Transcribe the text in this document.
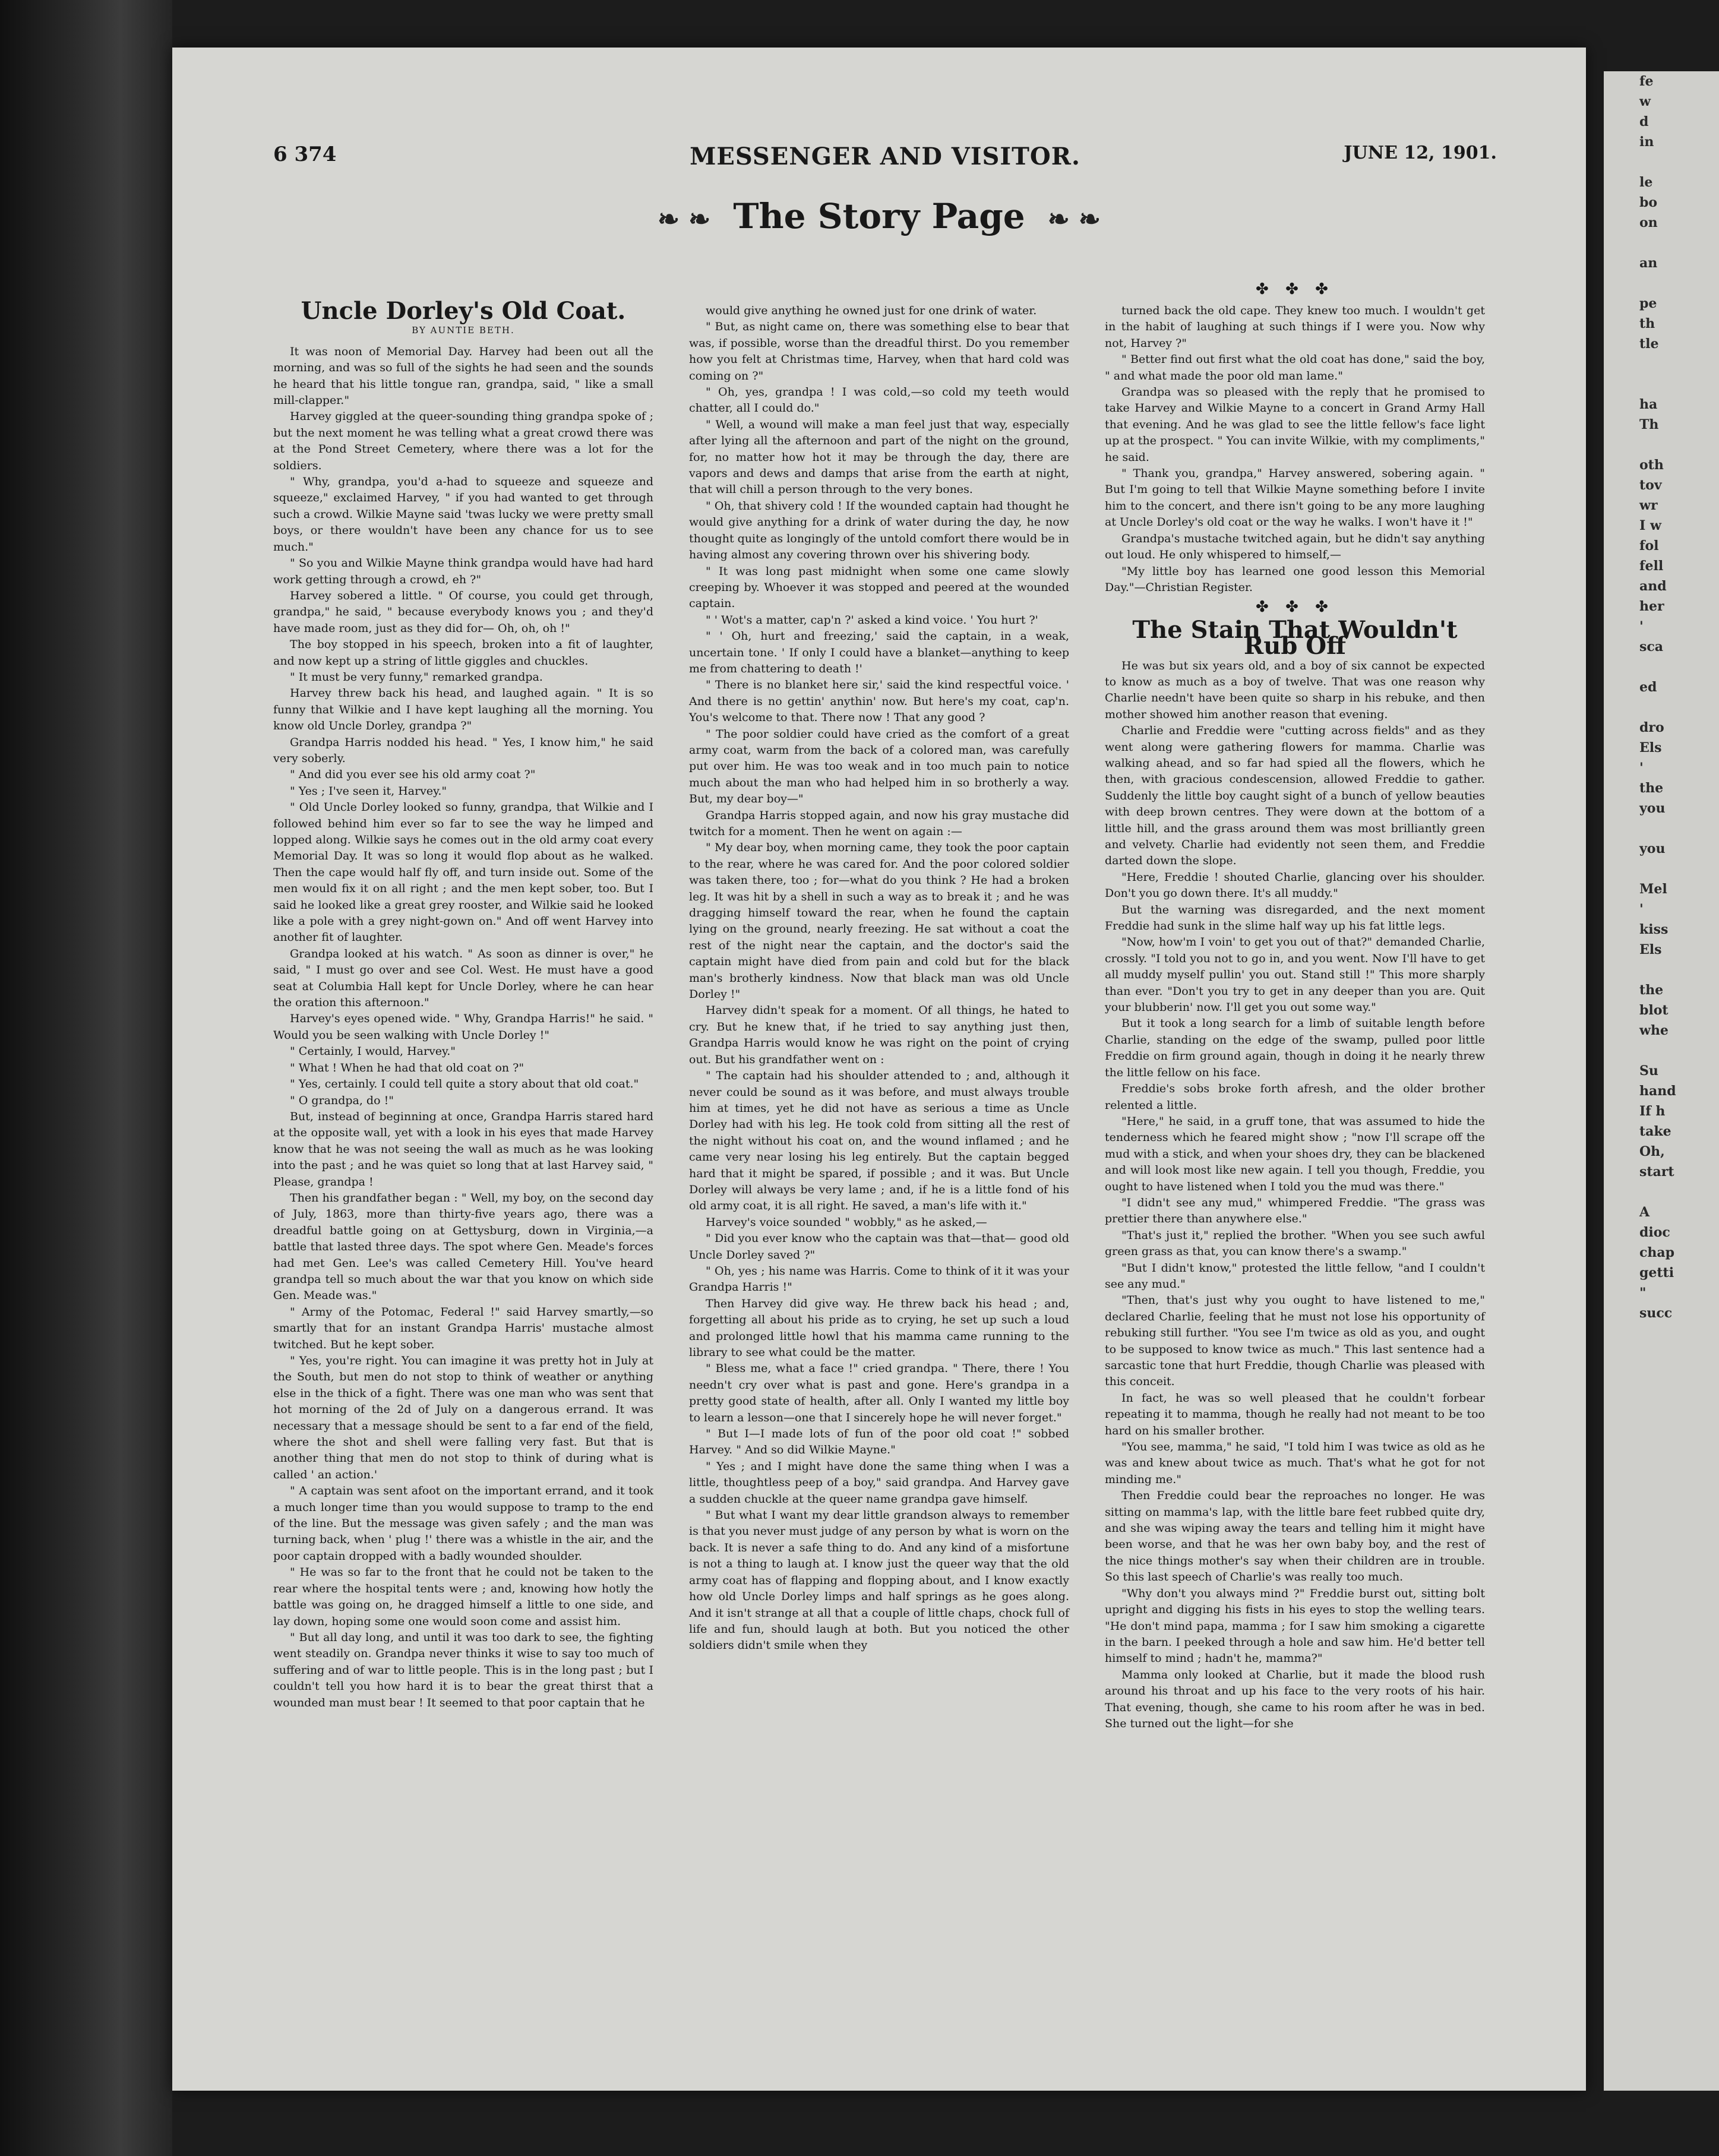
6 374	MESSENGER AND VISITOR.	JUNE 12, 1901.
❧ ❧ The Story Page ❧ ❧
Uncle Dorley's Old Coat.
BY AUNTIE BETH.

It was noon of Memorial Day. Harvey had been out all the morning, and was so full of the sights he had seen and the sounds he heard that his little tongue ran, grandpa, said, " like a small mill-clapper."

Harvey giggled at the queer-sounding thing grandpa spoke of ; but the next moment he was telling what a great crowd there was at the Pond Street Cemetery, where there was a lot for the soldiers.

" Why, grandpa, you'd a-had to squeeze and squeeze and squeeze," exclaimed Harvey, " if you had wanted to get through such a crowd. Wilkie Mayne said 'twas lucky we were pretty small boys, or there wouldn't have been any chance for us to see much."

" So you and Wilkie Mayne think grandpa would have had hard work getting through a crowd, eh ?"

Harvey sobered a little. " Of course, you could get through, grandpa," he said, " because everybody knows you ; and they'd have made room, just as they did for— Oh, oh, oh !"

The boy stopped in his speech, broken into a fit of laughter, and now kept up a string of little giggles and chuckles.

" It must be very funny," remarked grandpa.

Harvey threw back his head, and laughed again. " It is so funny that Wilkie and I have kept laughing all the morning. You know old Uncle Dorley, grandpa ?"

Grandpa Harris nodded his head. " Yes, I know him," he said very soberly.

" And did you ever see his old army coat ?"

" Yes ; I've seen it, Harvey."

" Old Uncle Dorley looked so funny, grandpa, that Wilkie and I followed behind him ever so far to see the way he limped and lopped along. Wilkie says he comes out in the old army coat every Memorial Day. It was so long it would flop about as he walked. Then the cape would half fly off, and turn inside out. Some of the men would fix it on all right ; and the men kept sober, too. But I said he looked like a great grey rooster, and Wilkie said he looked like a pole with a grey night-gown on." And off went Harvey into another fit of laughter.

Grandpa looked at his watch. " As soon as dinner is over," he said, " I must go over and see Col. West. He must have a good seat at Columbia Hall kept for Uncle Dorley, where he can hear the oration this afternoon."

Harvey's eyes opened wide. " Why, Grandpa Harris!" he said. " Would you be seen walking with Uncle Dorley !"

" Certainly, I would, Harvey."

" What ! When he had that old coat on ?"

" Yes, certainly. I could tell quite a story about that old coat."

" O grandpa, do !"

But, instead of beginning at once, Grandpa Harris stared hard at the opposite wall, yet with a look in his eyes that made Harvey know that he was not seeing the wall as much as he was looking into the past ; and he was quiet so long that at last Harvey said, " Please, grandpa !

Then his grandfather began : " Well, my boy, on the second day of July, 1863, more than thirty-five years ago, there was a dreadful battle going on at Gettysburg, down in Virginia,—a battle that lasted three days. The spot where Gen. Meade's forces had met Gen. Lee's was called Cemetery Hill. You've heard grandpa tell so much about the war that you know on which side Gen. Meade was."

" Army of the Potomac, Federal !" said Harvey smartly,—so smartly that for an instant Grandpa Harris' mustache almost twitched. But he kept sober.

" Yes, you're right. You can imagine it was pretty hot in July at the South, but men do not stop to think of weather or anything else in the thick of a fight. There was one man who was sent that hot morning of the 2d of July on a dangerous errand. It was necessary that a message should be sent to a far end of the field, where the shot and shell were falling very fast. But that is another thing that men do not stop to think of during what is called ' an action.'

" A captain was sent afoot on the important errand, and it took a much longer time than you would suppose to tramp to the end of the line. But the message was given safely ; and the man was turning back, when ' plug !' there was a whistle in the air, and the poor captain dropped with a badly wounded shoulder.

" He was so far to the front that he could not be taken to the rear where the hospital tents were ; and, knowing how hotly the battle was going on, he dragged himself a little to one side, and lay down, hoping some one would soon come and assist him.

" But all day long, and until it was too dark to see, the fighting went steadily on. Grandpa never thinks it wise to say too much of suffering and of war to little people. This is in the long past ; but I couldn't tell you how hard it is to bear the great thirst that a wounded man must bear ! It seemed to that poor captain that he

would give anything he owned just for one drink of water.

" But, as night came on, there was something else to bear that was, if possible, worse than the dreadful thirst. Do you remember how you felt at Christmas time, Harvey, when that hard cold was coming on ?"

" Oh, yes, grandpa ! I was cold,—so cold my teeth would chatter, all I could do."

" Well, a wound will make a man feel just that way, especially after lying all the afternoon and part of the night on the ground, for, no matter how hot it may be through the day, there are vapors and dews and damps that arise from the earth at night, that will chill a person through to the very bones.

" Oh, that shivery cold ! If the wounded captain had thought he would give anything for a drink of water during the day, he now thought quite as longingly of the untold comfort there would be in having almost any covering thrown over his shivering body.

" It was long past midnight when some one came slowly creeping by. Whoever it was stopped and peered at the wounded captain.

" ' Wot's a matter, cap'n ?' asked a kind voice. ' You hurt ?'

" ' Oh, hurt and freezing,' said the captain, in a weak, uncertain tone. ' If only I could have a blanket—anything to keep me from chattering to death !'

" There is no blanket here sir,' said the kind respectful voice. ' And there is no gettin' anythin' now. But here's my coat, cap'n. You's welcome to that. There now ! That any good ?

" The poor soldier could have cried as the comfort of a great army coat, warm from the back of a colored man, was carefully put over him. He was too weak and in too much pain to notice much about the man who had helped him in so brotherly a way. But, my dear boy—"

Grandpa Harris stopped again, and now his gray mustache did twitch for a moment. Then he went on again :—

" My dear boy, when morning came, they took the poor captain to the rear, where he was cared for. And the poor colored soldier was taken there, too ; for—what do you think ? He had a broken leg. It was hit by a shell in such a way as to break it ; and he was dragging himself toward the rear, when he found the captain lying on the ground, nearly freezing. He sat without a coat the rest of the night near the captain, and the doctor's said the captain might have died from pain and cold but for the black man's brotherly kindness. Now that black man was old Uncle Dorley !"

Harvey didn't speak for a moment. Of all things, he hated to cry. But he knew that, if he tried to say anything just then, Grandpa Harris would know he was right on the point of crying out. But his grandfather went on :

" The captain had his shoulder attended to ; and, although it never could be sound as it was before, and must always trouble him at times, yet he did not have as serious a time as Uncle Dorley had with his leg. He took cold from sitting all the rest of the night without his coat on, and the wound inflamed ; and he came very near losing his leg entirely. But the captain begged hard that it might be spared, if possible ; and it was. But Uncle Dorley will always be very lame ; and, if he is a little fond of his old army coat, it is all right. He saved, a man's life with it."

Harvey's voice sounded " wobbly," as he asked,—

" Did you ever know who the captain was that—that— good old Uncle Dorley saved ?"

" Oh, yes ; his name was Harris. Come to think of it it was your Grandpa Harris !"

Then Harvey did give way. He threw back his head ; and, forgetting all about his pride as to crying, he set up such a loud and prolonged little howl that his mamma came running to the library to see what could be the matter.

" Bless me, what a face !" cried grandpa. " There, there ! You needn't cry over what is past and gone. Here's grandpa in a pretty good state of health, after all. Only I wanted my little boy to learn a lesson—one that I sincerely hope he will never forget."

" But I—I made lots of fun of the poor old coat !" sobbed Harvey. " And so did Wilkie Mayne."

" Yes ; and I might have done the same thing when I was a little, thoughtless peep of a boy," said grandpa. And Harvey gave a sudden chuckle at the queer name grandpa gave himself.

" But what I want my dear little grandson always to remember is that you never must judge of any person by what is worn on the back. It is never a safe thing to do. And any kind of a misfortune is not a thing to laugh at. I know just the queer way that the old army coat has of flapping and flopping about, and I know exactly how old Uncle Dorley limps and half springs as he goes along. And it isn't strange at all that a couple of little chaps, chock full of life and fun, should laugh at both. But you noticed the other soldiers didn't smile when they

✤ ✤ ✤

turned back the old cape. They knew too much. I wouldn't get in the habit of laughing at such things if I were you. Now why not, Harvey ?"

" Better find out first what the old coat has done," said the boy, " and what made the poor old man lame."

Grandpa was so pleased with the reply that he promised to take Harvey and Wilkie Mayne to a concert in Grand Army Hall that evening. And he was glad to see the little fellow's face light up at the prospect. " You can invite Wilkie, with my compliments," he said.

" Thank you, grandpa," Harvey answered, sobering again. " But I'm going to tell that Wilkie Mayne something before I invite him to the concert, and there isn't going to be any more laughing at Uncle Dorley's old coat or the way he walks. I won't have it !"

Grandpa's mustache twitched again, but he didn't say anything out loud. He only whispered to himself,—

"My little boy has learned one good lesson this Memorial Day."—Christian Register.

✤ ✤ ✤
The Stain That Wouldn't Rub Off

He was but six years old, and a boy of six cannot be expected to know as much as a boy of twelve. That was one reason why Charlie needn't have been quite so sharp in his rebuke, and then mother showed him another reason that evening.

Charlie and Freddie were "cutting across fields" and as they went along were gathering flowers for mamma. Charlie was walking ahead, and so far had spied all the flowers, which he then, with gracious condescension, allowed Freddie to gather. Suddenly the little boy caught sight of a bunch of yellow beauties with deep brown centres. They were down at the bottom of a little hill, and the grass around them was most brilliantly green and velvety. Charlie had evidently not seen them, and Freddie darted down the slope.

"Here, Freddie ! shouted Charlie, glancing over his shoulder. Don't you go down there. It's all muddy."

But the warning was disregarded, and the next moment Freddie had sunk in the slime half way up his fat little legs.

"Now, how'm I voin' to get you out of that?" demanded Charlie, crossly. "I told you not to go in, and you went. Now I'll have to get all muddy myself pullin' you out. Stand still !" This more sharply than ever. "Don't you try to get in any deeper than you are. Quit your blubberin' now. I'll get you out some way."

But it took a long search for a limb of suitable length before Charlie, standing on the edge of the swamp, pulled poor little Freddie on firm ground again, though in doing it he nearly threw the little fellow on his face.

Freddie's sobs broke forth afresh, and the older brother relented a little.

"Here," he said, in a gruff tone, that was assumed to hide the tenderness which he feared might show ; "now I'll scrape off the mud with a stick, and when your shoes dry, they can be blackened and will look most like new again. I tell you though, Freddie, you ought to have listened when I told you the mud was there."

"I didn't see any mud," whimpered Freddie. "The grass was prettier there than anywhere else."

"That's just it," replied the brother. "When you see such awful green grass as that, you can know there's a swamp."

"But I didn't know," protested the little fellow, "and I couldn't see any mud."

"Then, that's just why you ought to have listened to me," declared Charlie, feeling that he must not lose his opportunity of rebuking still further. "You see I'm twice as old as you, and ought to be supposed to know twice as much." This last sentence had a sarcastic tone that hurt Freddie, though Charlie was pleased with this conceit.

In fact, he was so well pleased that he couldn't forbear repeating it to mamma, though he really had not meant to be too hard on his smaller brother.

"You see, mamma," he said, "I told him I was twice as old as he was and knew about twice as much. That's what he got for not minding me."

Then Freddie could bear the reproaches no longer. He was sitting on mamma's lap, with the little bare feet rubbed quite dry, and she was wiping away the tears and telling him it might have been worse, and that he was her own baby boy, and the rest of the nice things mother's say when their children are in trouble. So this last speech of Charlie's was really too much.

"Why don't you always mind ?" Freddie burst out, sitting bolt upright and digging his fists in his eyes to stop the welling tears. "He don't mind papa, mamma ; for I saw him smoking a cigarette in the barn. I peeked through a hole and saw him. He'd better tell himself to mind ; hadn't he, mamma?"

Mamma only looked at Charlie, but it made the blood rush around his throat and up his face to the very roots of his hair. That evening, though, she came to his room after he was in bed. She turned out the light—for she

fe
w
d
in

le
bo
on

an

pe
th
tle

ha
Th

oth
tov
wr
I w
fol
fell
and
her
'
sca

ed

dro
Els
'
the
you

you

Mel
'
kiss
Els

the
blot
whe

Su
hand
If h
take
Oh,
start

A
dioc
chap
getti
"
succ
